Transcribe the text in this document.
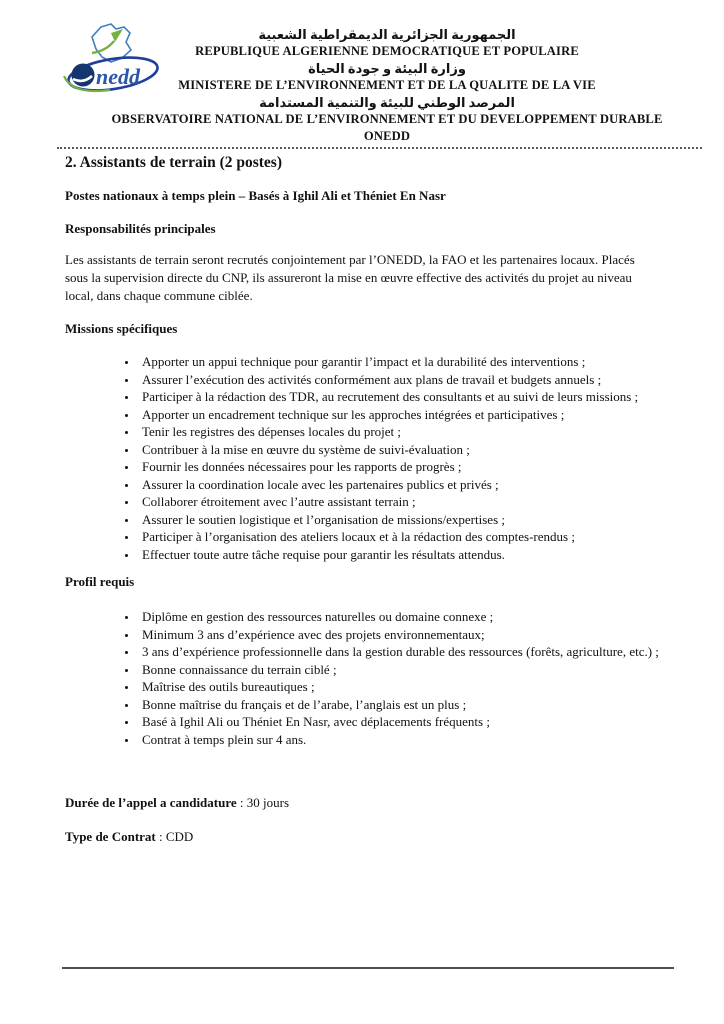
nedd
الجمهورية الجزائرية الديمقراطية الشعبية
REPUBLIQUE ALGERIENNE DEMOCRATIQUE ET POPULAIRE
وزارة البيئة و جودة الحياة
MINISTERE DE L’ENVIRONNEMENT ET DE LA QUALITE DE LA VIE
المرصد الوطني للبيئة والتنمية المستدامة
OBSERVATOIRE NATIONAL DE L’ENVIRONNEMENT ET DU DEVELOPPEMENT DURABLE
ONEDD
2. Assistants de terrain (2 postes)
Postes nationaux à temps plein – Basés à Ighil Ali et Théniet En Nasr
Responsabilités principales

Les assistants de terrain seront recrutés conjointement par l’ONEDD, la FAO et les partenaires locaux. Placés sous la supervision directe du CNP, ils assureront la mise en œuvre effective des activités du projet au niveau local, dans chaque commune ciblée.

Missions spécifiques
• Apporter un appui technique pour garantir l’impact et la durabilité des interventions ;
• Assurer l’exécution des activités conformément aux plans de travail et budgets annuels ;
• Participer à la rédaction des TDR, au recrutement des consultants et au suivi de leurs missions ;
• Apporter un encadrement technique sur les approches intégrées et participatives ;
• Tenir les registres des dépenses locales du projet ;
• Contribuer à la mise en œuvre du système de suivi-évaluation ;
• Fournir les données nécessaires pour les rapports de progrès ;
• Assurer la coordination locale avec les partenaires publics et privés ;
• Collaborer étroitement avec l’autre assistant terrain ;
• Assurer le soutien logistique et l’organisation de missions/expertises ;
• Participer à l’organisation des ateliers locaux et à la rédaction des comptes-rendus ;
• Effectuer toute autre tâche requise pour garantir les résultats attendus.
Profil requis
• Diplôme en gestion des ressources naturelles ou domaine connexe ;
• Minimum 3 ans d’expérience avec des projets environnementaux;
• 3 ans d’expérience professionnelle dans la gestion durable des ressources (forêts, agriculture, etc.) ;
• Bonne connaissance du terrain ciblé ;
• Maîtrise des outils bureautiques ;
• Bonne maîtrise du français et de l’arabe, l’anglais est un plus ;
• Basé à Ighil Ali ou Théniet En Nasr, avec déplacements fréquents ;
• Contrat à temps plein sur 4 ans.
Durée de l’appel a candidature : 30 jours
Type de Contrat : CDD
